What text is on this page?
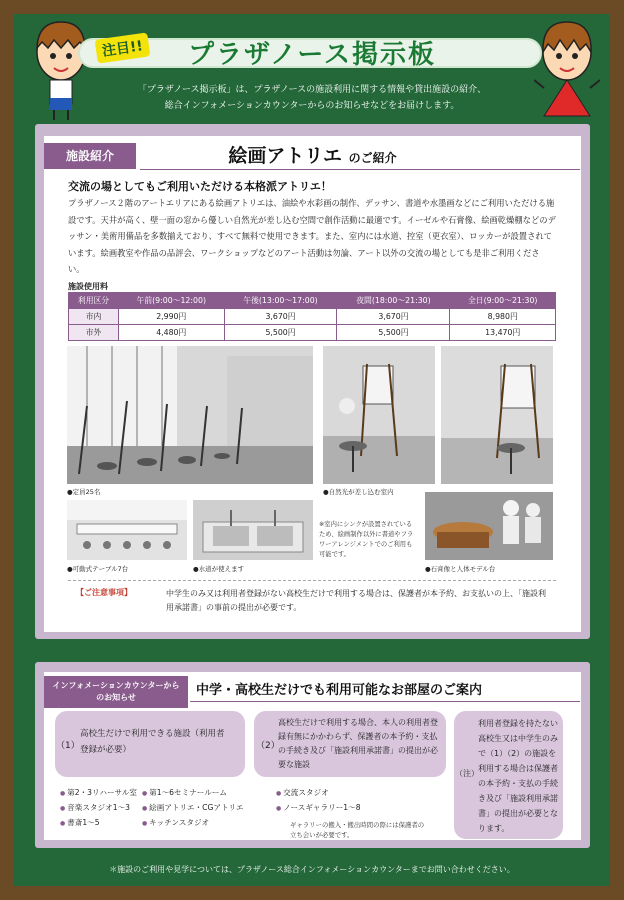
注目!!	プラザノース掲示板
「プラザノース掲示板」は、プラザノースの施設利用に関する情報や貸出施設の紹介、
総合インフォメーションカウンターからのお知らせなどをお届けします。
施設紹介	絵画アトリエ のご紹介
交流の場としてもご利用いただける本格派アトリエ！
プラザノース２階のアートエリアにある絵画アトリエは、油絵や水彩画の制作、デッサン、書道や水墨画などにご利用いただける施設です。天井が高く、壁一面の窓から優しい自然光が差し込む空間で創作活動に最適です。イーゼルや石膏像、絵画乾燥棚などのデッサン・美術用備品を多数揃えており、すべて無料で使用できます。また、室内には水道、控室（更衣室）、ロッカーが設置されています。絵画教室や作品の品評会、ワークショップなどのアート活動は勿論、アート以外の交流の場としても是非ご利用ください。
施設使用料
利用区分	午前(9:00〜12:00)	午後(13:00〜17:00)	夜間(18:00〜21:30)	全日(9:00〜21:30)
市内	2,990円	3,670円	3,670円	8,980円
市外	4,480円	5,500円	5,500円	13,470円
●定員25名	●自然光が差し込む室内
※室内にシンクが設置されているため、絵画制作以外に書道やフラワーアレンジメントでのご利用も可能です。
●可動式テーブル7台	●水道が使えます	●石膏像と人体モデル台
【ご注意事項】	中学生のみ又は利用者登録がない高校生だけで利用する場合は、保護者が本予約、お支払いの上、「施設利用承諾書」の事前の提出が必要です。
インフォメーションカウンターからのお知らせ	中学・高校生だけでも利用可能なお部屋のご案内
（1）
高校生だけで利用できる施設（利用者登録が必要）
● 第2・3リハーサル室
● 音楽スタジオ1〜3
● 書斎1〜5
● 第1〜6セミナールーム
● 絵画アトリエ・CGアトリエ
● キッチンスタジオ
（2）
高校生だけで利用する場合、本人の利用者登録有無にかかわらず、保護者の本予約・支払の手続き及び「施設利用承諾書」の提出が必要な施設
● 交流スタジオ
● ノースギャラリー1〜8
ギャラリーの搬入・搬出時間の際には保護者の立ち会いが必要です。
（注）
利用者登録を持たない高校生又は中学生のみで（1）（2）の施設を利用する場合は保護者の本予約・支払の手続き及び「施設利用承諾書」の提出が必要となります。
＊施設のご利用や見学については、プラザノース総合インフォメーションカウンターまでお問い合わせください。
